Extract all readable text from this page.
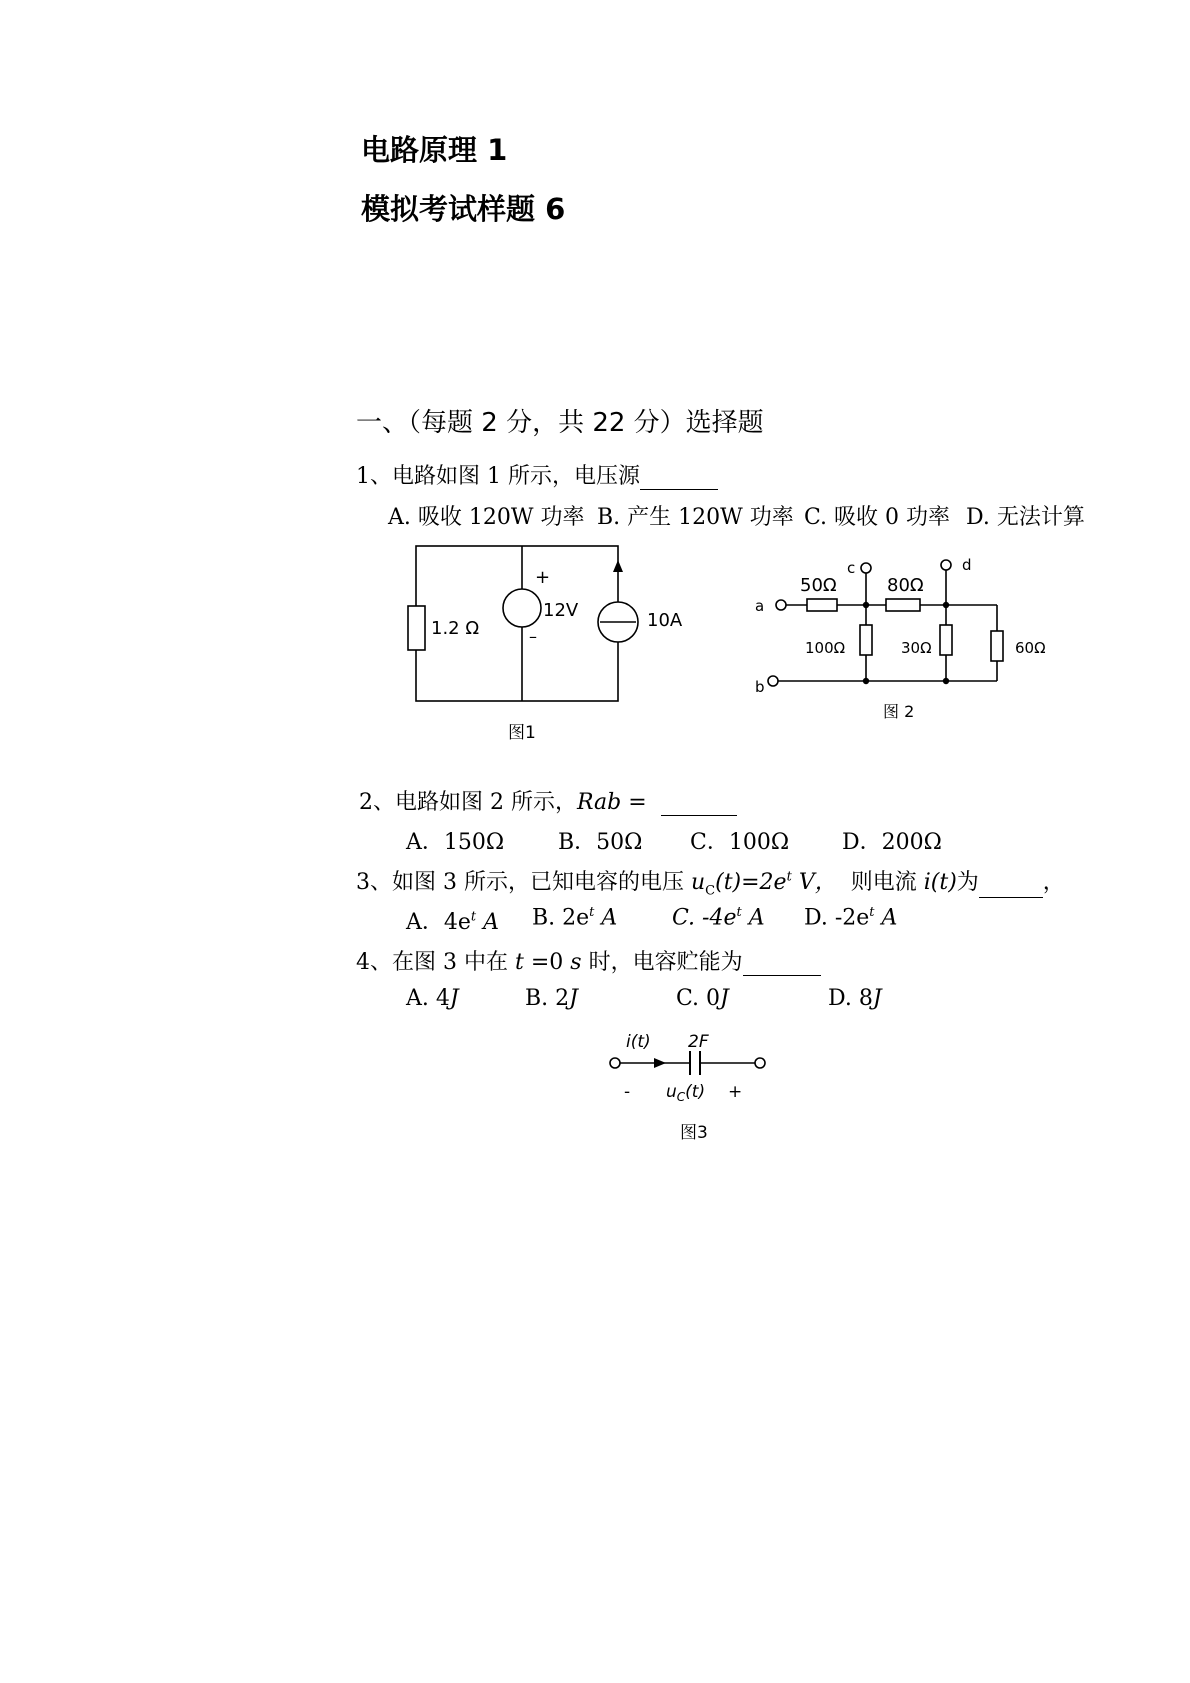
电路原理 1
模拟考试样题 6
一、（每题 2 分，共 22 分）选择题
1、电路如图 1 所示，电压源
A. 吸收 120W 功率 B. 产生 120W 功率 C. 吸收 0 功率 D. 无法计算
+
12V
–
1.2 Ω	10A
图1
a
b
c	d
50Ω	80Ω
100Ω	30Ω	60Ω
图 2
2、电路如图 2 所示，Rab =
A．150Ω B．50Ω C．100Ω D．200Ω
3、如图 3 所示，已知电容的电压 $u_C(t)=2e^t$ V， 则电流 i(t)为	，
A．$4e^t$ A B. $2e^t$ A C. $-4e^t$ A D. $-2e^t$ A
4、在图 3 中在 t =0 s 时，电容贮能为
A. 4J	B. 2J	C. 0J	D. 8J
i(t) 2F
- $u_C(t)$ +
图3
